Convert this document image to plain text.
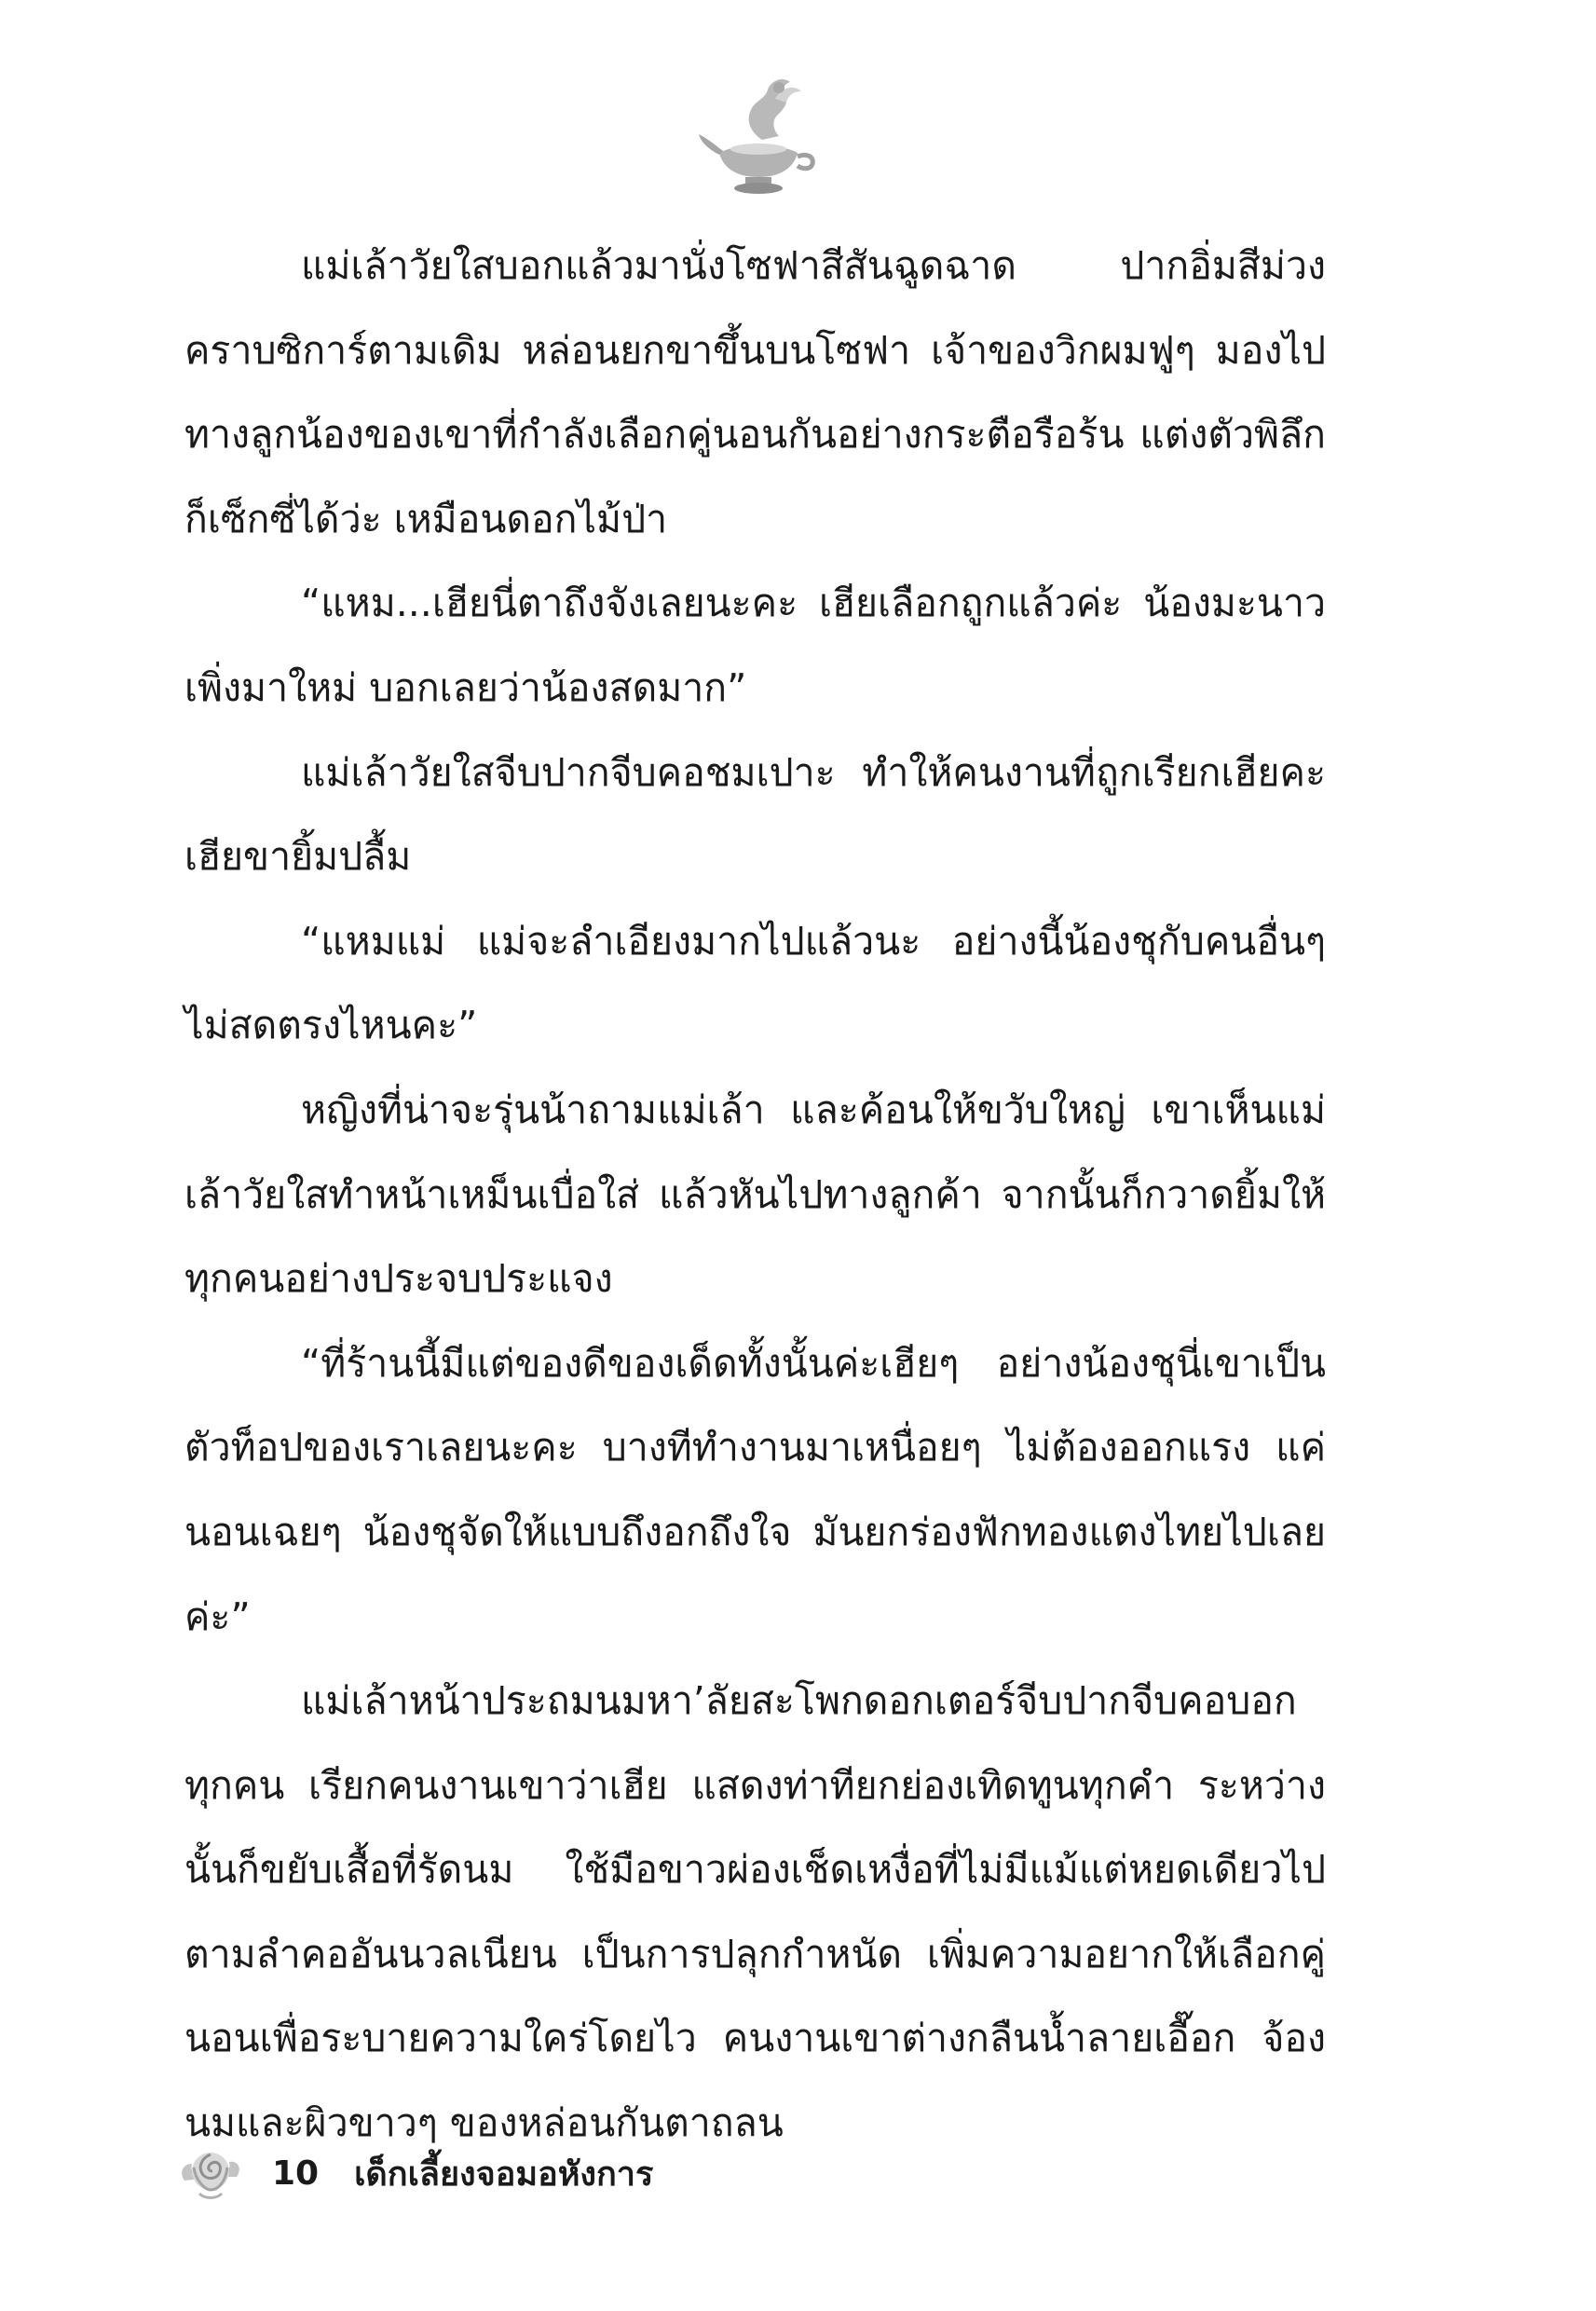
แม่เล้าวัยใสบอกแล้วมานั่งโซฟาสีสันฉูดฉาด ปากอิ่มสีม่วงคราบซิการ์ตามเดิม หล่อนยกขาขึ้นบนโซฟา เจ้าของวิกผมฟูๆ มองไปทางลูกน้องของเขาที่กำลังเลือกคู่นอนกันอย่างกระตือรือร้น แต่งตัวพิลึกก็เซ็กซี่ได้ว่ะ เหมือนดอกไม้ป่า

“แหม...เฮียนี่ตาถึงจังเลยนะคะ เฮียเลือกถูกแล้วค่ะ น้องมะนาวเพิ่งมาใหม่ บอกเลยว่าน้องสดมาก”

แม่เล้าวัยใสจีบปากจีบคอชมเปาะ ทำให้คนงานที่ถูกเรียกเฮียคะเฮียขายิ้มปลื้ม

“แหมแม่ แม่จะลำเอียงมากไปแล้วนะ อย่างนี้น้องชุกับคนอื่นๆ ไม่สดตรงไหนคะ”

หญิงที่น่าจะรุ่นน้าถามแม่เล้า และค้อนให้ขวับใหญ่ เขาเห็นแม่เล้าวัยใสทำหน้าเหม็นเบื่อใส่ แล้วหันไปทางลูกค้า จากนั้นก็กวาดยิ้มให้ทุกคนอย่างประจบประแจง

“ที่ร้านนี้มีแต่ของดีของเด็ดทั้งนั้นค่ะเฮียๆ อย่างน้องชุนี่เขาเป็นตัวท็อปของเราเลยนะคะ บางทีทำงานมาเหนื่อยๆ ไม่ต้องออกแรง แค่นอนเฉยๆ น้องชุจัดให้แบบถึงอกถึงใจ มันยกร่องฟักทองแตงไทยไปเลยค่ะ”

แม่เล้าหน้าประถมนมหา’ลัยสะโพกดอกเตอร์จีบปากจีบคอบอกทุกคน เรียกคนงานเขาว่าเฮีย แสดงท่าทียกย่องเทิดทูนทุกคำ ระหว่างนั้นก็ขยับเสื้อที่รัดนม ใช้มือขาวผ่องเช็ดเหงื่อที่ไม่มีแม้แต่หยดเดียวไปตามลำคออันนวลเนียน เป็นการปลุกกำหนัด เพิ่มความอยากให้เลือกคู่นอนเพื่อระบายความใคร่โดยไว คนงานเขาต่างกลืนน้ำลายเอื๊อก จ้องนมและผิวขาวๆ ของหล่อนกันตาถลน

10 เด็กเลี้ยงจอมอหังการ
